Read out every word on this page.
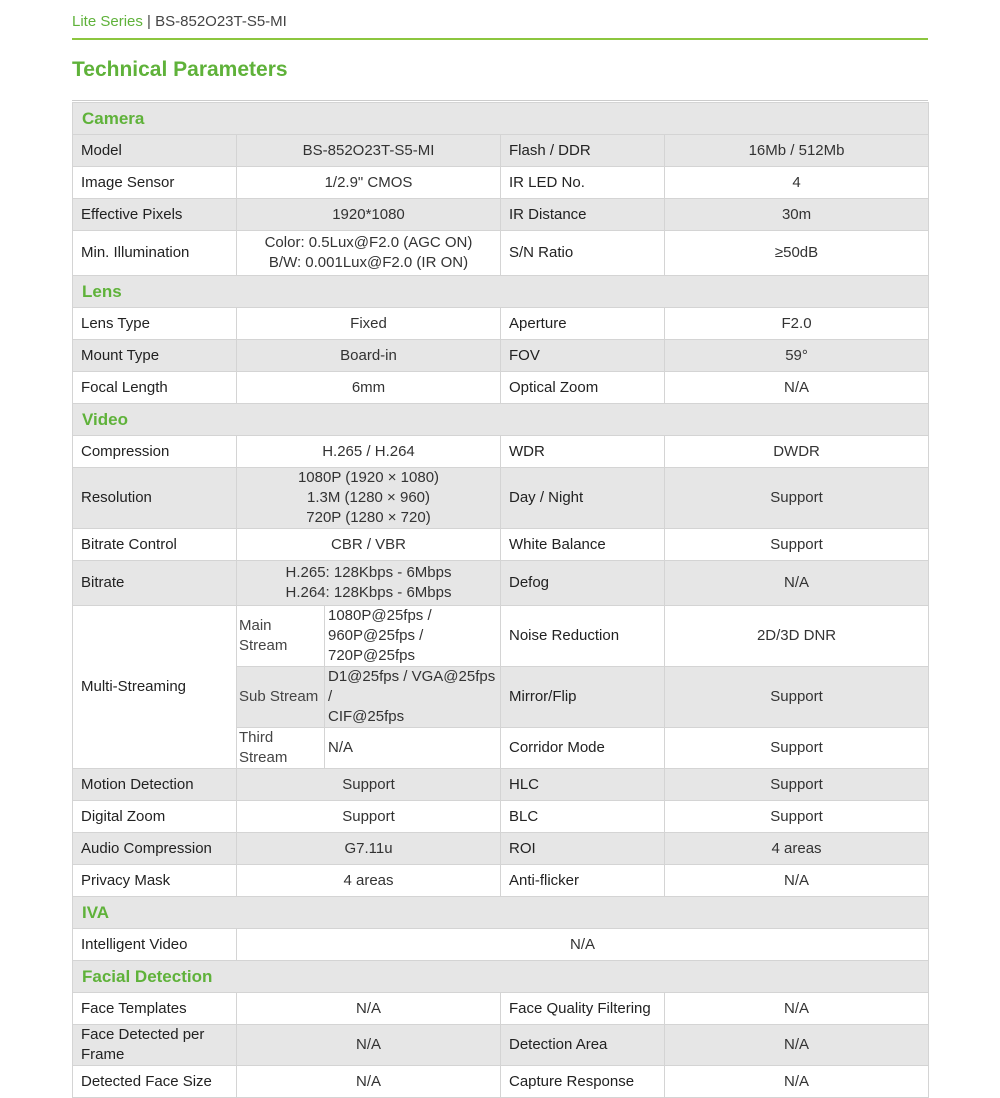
Lite Series | BS-852O23T-S5-MI
Technical Parameters
Camera				
Model	BS-852O23T-S5-MI		Flash / DDR	16Mb / 512Mb
Image Sensor	1/2.9" CMOS		IR LED No.	4
Effective Pixels	1920*1080		IR Distance	30m
Min. Illumination	Color: 0.5Lux@F2.0 (AGC ON)
B/W: 0.001Lux@F2.0 (IR ON)		S/N Ratio	≥50dB
Lens				
Lens Type	Fixed		Aperture	F2.0
Mount Type	Board-in		FOV	59°
Focal Length	6mm		Optical Zoom	N/A
Video				
Compression	H.265 / H.264		WDR	DWDR
Resolution	1080P (1920 × 1080)
1.3M (1280 × 960)
720P (1280 × 720)		Day / Night	Support
Bitrate Control	CBR / VBR		White Balance	Support
Bitrate	H.265: 128Kbps - 6Mbps
H.264: 128Kbps - 6Mbps		Defog	N/A
Multi-Streaming	Main Stream	1080P@25fps /
960P@25fps / 720P@25fps	Noise Reduction	2D/3D DNR
	Sub Stream	D1@25fps / VGA@25fps /
CIF@25fps	Mirror/Flip	Support
	Third Stream	N/A	Corridor Mode	Support
Motion Detection	Support		HLC	Support
Digital Zoom	Support		BLC	Support
Audio Compression	G7.11u		ROI	4 areas
Privacy Mask	4 areas		Anti-flicker	N/A
IVA				
Intelligent Video	N/A			
Facial Detection				
Face Templates	N/A		Face Quality Filtering	N/A

Face Detected per
Frame	N/A		Detection Area	N/A
Detected Face Size	N/A		Capture Response	N/A
